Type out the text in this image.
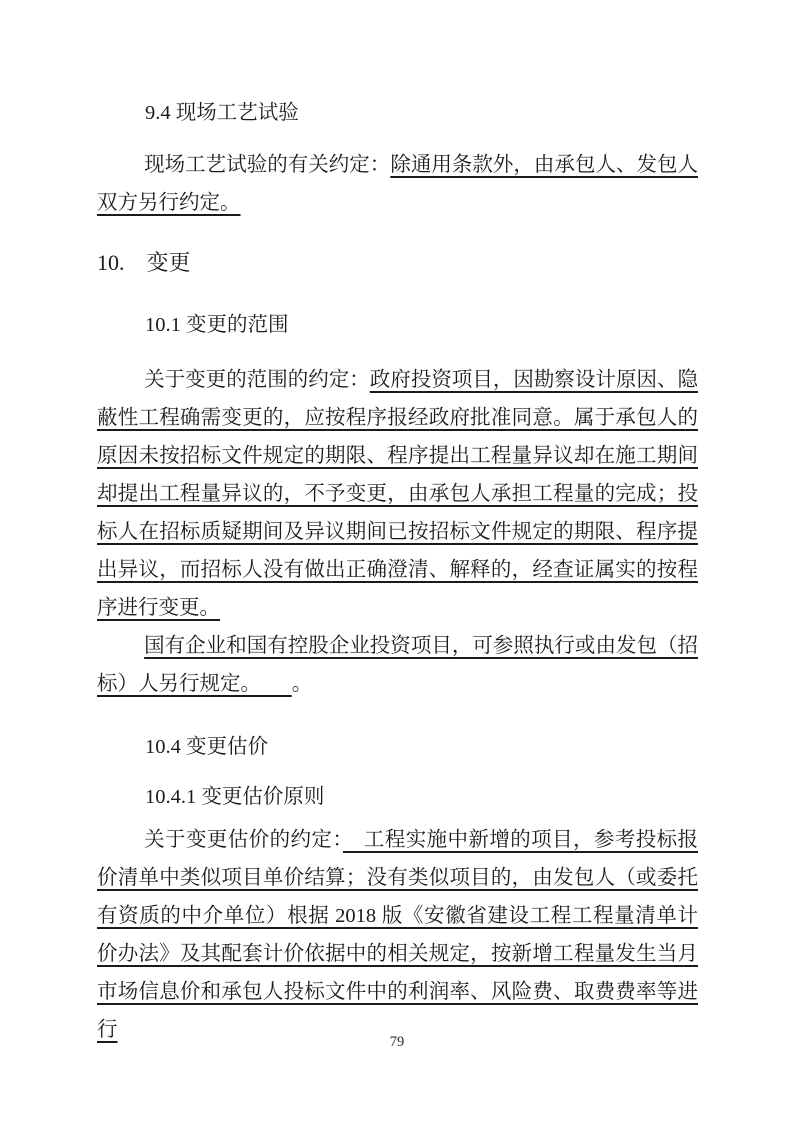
9.4 现场工艺试验

现场工艺试验的有关约定：除通用条款外，由承包人、发包人双方另行约定。

10.　变更
10.1 变更的范围

关于变更的范围的约定：政府投资项目，因勘察设计原因、隐蔽性工程确需变更的，应按程序报经政府批准同意。属于承包人的原因未按招标文件规定的期限、程序提出工程量异议却在施工期间却提出工程量异议的，不予变更，由承包人承担工程量的完成；投标人在招标质疑期间及异议期间已按招标文件规定的期限、程序提出异议，而招标人没有做出正确澄清、解释的，经查证属实的按程序进行变更。

国有企业和国有控股企业投资项目，可参照执行或由发包（招标）人另行规定。　　。

10.4 变更估价
10.4.1 变更估价原则

关于变更估价的约定：　工程实施中新增的项目，参考投标报价清单中类似项目单价结算；没有类似项目的，由发包人（或委托有资质的中介单位）根据 2018 版《安徽省建设工程工程量清单计价办法》及其配套计价依据中的相关规定，按新增工程量发生当月市场信息价和承包人投标文件中的利润率、风险费、取费费率等进行

79
